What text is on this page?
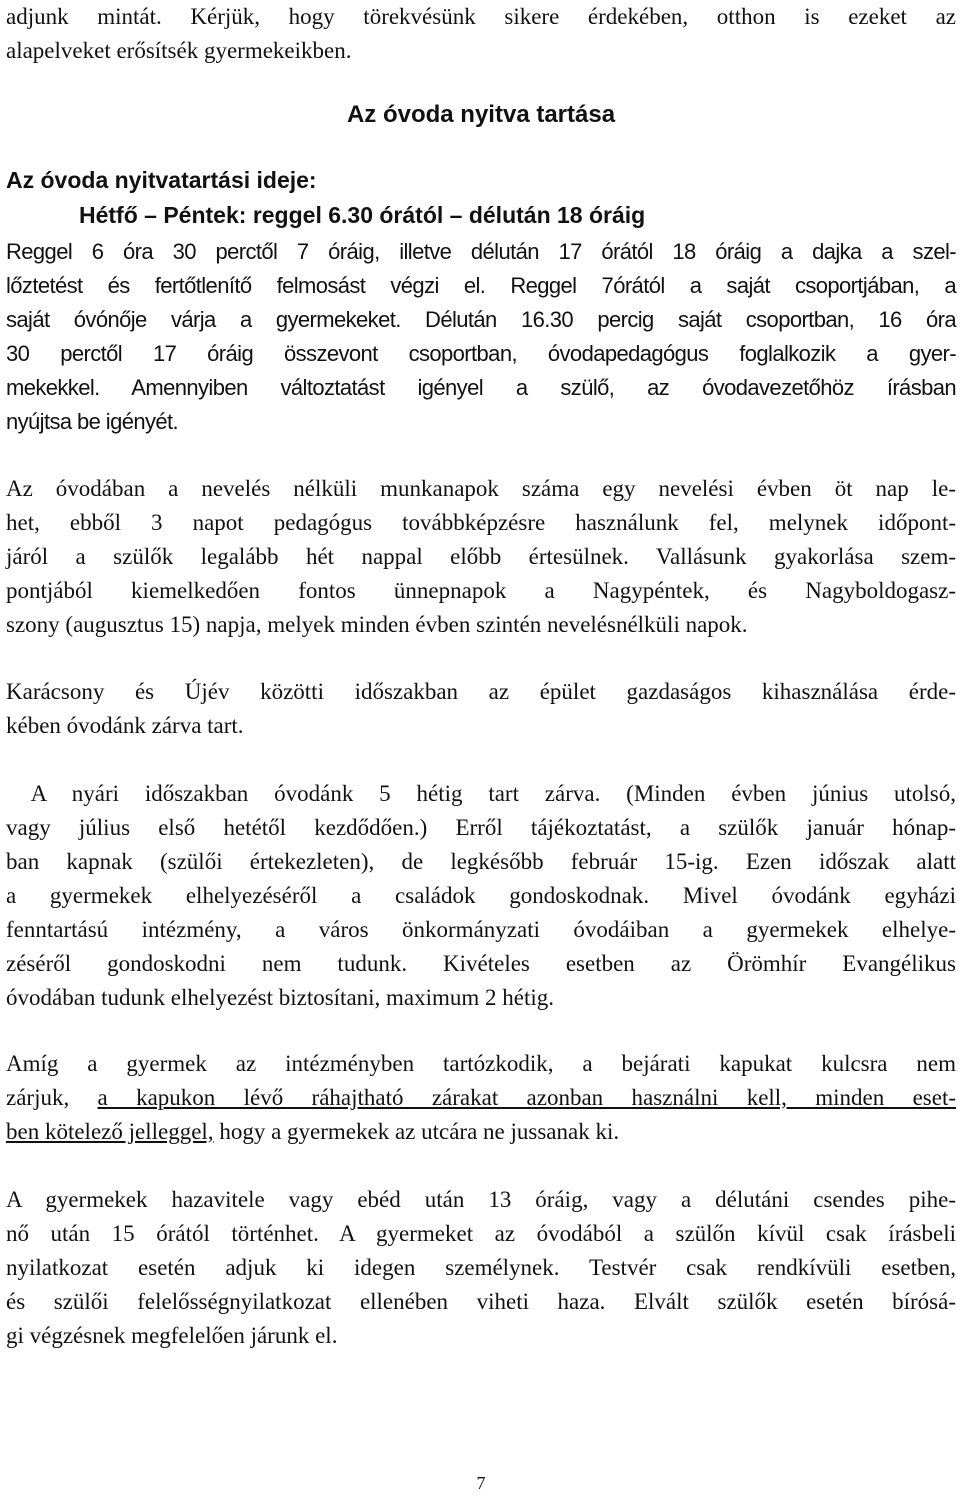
adjunk mintát. Kérjük, hogy törekvésünk sikere érdekében, otthon is ezeket az
alapelveket erősítsék gyermekeikben.
Az óvoda nyitva tartása
Az óvoda nyitvatartási ideje:
Hétfő – Péntek: reggel 6.30 órától – délután 18 óráig
Reggel 6 óra 30 perctől 7 óráig, illetve délután 17 órától 18 óráig a dajka a szel-
lőztetést és fertőtlenítő felmosást végzi el. Reggel 7órától a saját csoportjában, a
saját óvónője várja a gyermekeket. Délután 16.30 percig saját csoportban, 16 óra
30 perctől 17 óráig összevont csoportban, óvodapedagógus foglalkozik a gyer-
mekekkel. Amennyiben változtatást igényel a szülő, az óvodavezetőhöz írásban
nyújtsa be igényét.
Az óvodában a nevelés nélküli munkanapok száma egy nevelési évben öt nap le-
het, ebből 3 napot pedagógus továbbképzésre használunk fel, melynek időpont-
járól a szülők legalább hét nappal előbb értesülnek. Vallásunk gyakorlása szem-
pontjából kiemelkedően fontos ünnepnapok a Nagypéntek, és Nagyboldogasz-
szony (augusztus 15) napja, melyek minden évben szintén nevelésnélküli napok.
Karácsony és Újév közötti időszakban az épület gazdaságos kihasználása érde-
kében óvodánk zárva tart.
A nyári időszakban óvodánk 5 hétig tart zárva. (Minden évben június utolsó,
vagy július első hetétől kezdődően.) Erről tájékoztatást, a szülők január hónap-
ban kapnak (szülői értekezleten), de legkésőbb február 15-ig. Ezen időszak alatt
a gyermekek elhelyezéséről a családok gondoskodnak. Mivel óvodánk egyházi
fenntartású intézmény, a város önkormányzati óvodáiban a gyermekek elhelye-
zéséről gondoskodni nem tudunk. Kivételes esetben az Örömhír Evangélikus
óvodában tudunk elhelyezést biztosítani, maximum 2 hétig.
Amíg a gyermek az intézményben tartózkodik, a bejárati kapukat kulcsra nem
zárjuk, a kapukon lévő ráhajtható zárakat azonban használni kell, minden eset-
ben kötelező jelleggel, hogy a gyermekek az utcára ne jussanak ki.
A gyermekek hazavitele vagy ebéd után 13 óráig, vagy a délutáni csendes pihe-
nő után 15 órától történhet. A gyermeket az óvodából a szülőn kívül csak írásbeli
nyilatkozat esetén adjuk ki idegen személynek. Testvér csak rendkívüli esetben,
és szülői felelősségnyilatkozat ellenében viheti haza. Elvált szülők esetén bírósá-
gi végzésnek megfelelően járunk el.
7
